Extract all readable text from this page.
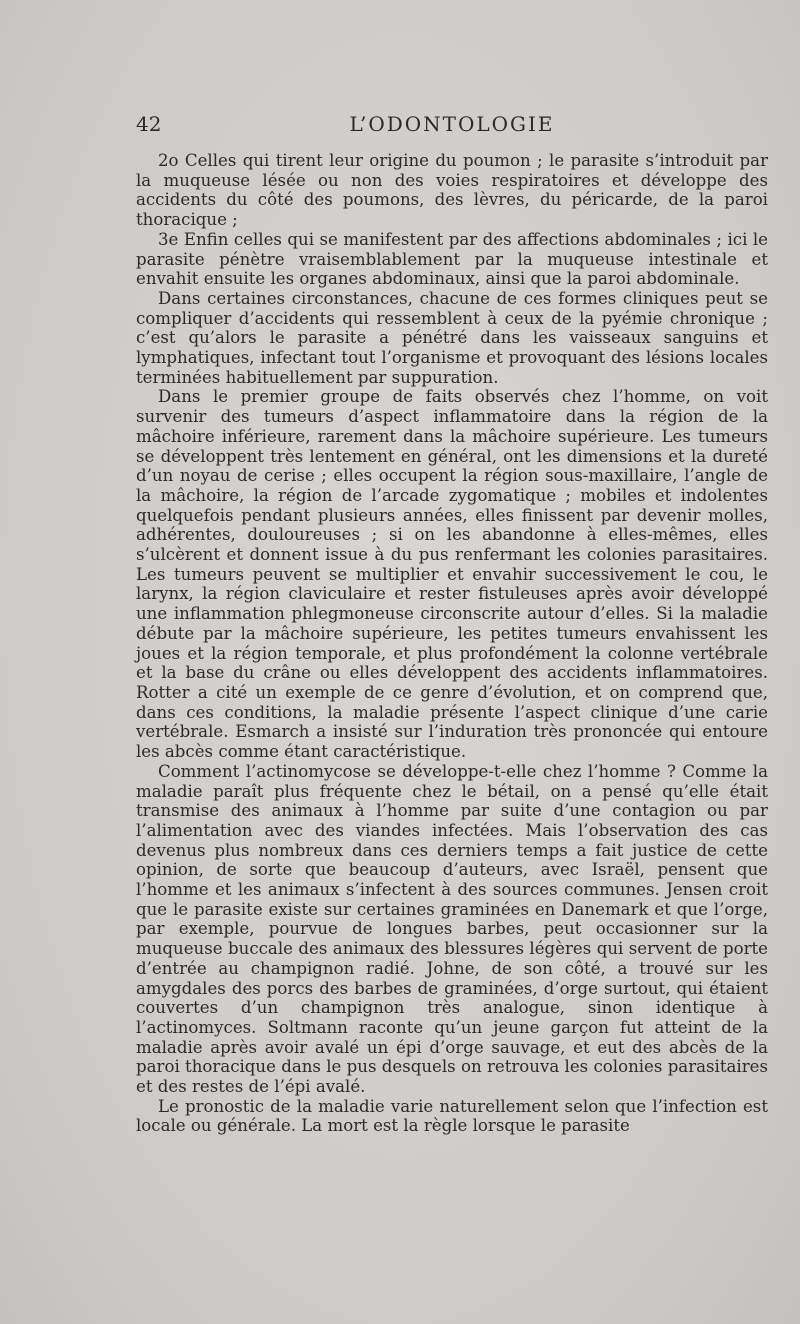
42	L’ODONTOLOGIE

2o Celles qui tirent leur origine du poumon ; le parasite s’introduit par la muqueuse lésée ou non des voies respiratoires et développe des accidents du côté des poumons, des lèvres, du péricarde, de la paroi thoracique ;

3e Enfin celles qui se manifestent par des affections abdominales ; ici le parasite pénètre vraisemblablement par la muqueuse intestinale et envahit ensuite les organes abdominaux, ainsi que la paroi abdominale.

Dans certaines circonstances, chacune de ces formes cliniques peut se compliquer d’accidents qui ressemblent à ceux de la pyémie chronique ; c’est qu’alors le parasite a pénétré dans les vaisseaux sanguins et lymphatiques, infectant tout l’organisme et provoquant des lésions locales terminées habituellement par suppuration.

Dans le premier groupe de faits observés chez l’homme, on voit survenir des tumeurs d’aspect inflammatoire dans la région de la mâchoire inférieure, rarement dans la mâchoire supérieure. Les tumeurs se développent très lentement en général, ont les dimensions et la dureté d’un noyau de cerise ; elles occupent la région sous-maxillaire, l’angle de la mâchoire, la région de l’arcade zygomatique ; mobiles et indolentes quelquefois pendant plusieurs années, elles finissent par devenir molles, adhérentes, douloureuses ; si on les abandonne à elles-mêmes, elles s’ulcèrent et donnent issue à du pus renfermant les colonies parasitaires. Les tumeurs peuvent se multiplier et envahir successivement le cou, le larynx, la région claviculaire et rester fistuleuses après avoir développé une inflammation phlegmoneuse circonscrite autour d’elles. Si la maladie débute par la mâchoire supérieure, les petites tumeurs envahissent les joues et la région temporale, et plus profondément la colonne vertébrale et la base du crâne ou elles développent des accidents inflammatoires. Rotter a cité un exemple de ce genre d’évolution, et on comprend que, dans ces conditions, la maladie présente l’aspect clinique d’une carie vertébrale. Esmarch a insisté sur l’induration très prononcée qui entoure les abcès comme étant caractéristique.

Comment l’actinomycose se développe-t-elle chez l’homme ? Comme la maladie paraît plus fréquente chez le bétail, on a pensé qu’elle était transmise des animaux à l’homme par suite d’une contagion ou par l’alimentation avec des viandes infectées. Mais l’observation des cas devenus plus nombreux dans ces derniers temps a fait justice de cette opinion, de sorte que beaucoup d’auteurs, avec Israël, pensent que l’homme et les animaux s’infectent à des sources communes. Jensen croit que le parasite existe sur certaines graminées en Danemark et que l’orge, par exemple, pourvue de longues barbes, peut occasionner sur la muqueuse buccale des animaux des blessures légères qui servent de porte d’entrée au champignon radié. Johne, de son côté, a trouvé sur les amygdales des porcs des barbes de graminées, d’orge surtout, qui étaient couvertes d’un champignon très analogue, sinon identique à l’actinomyces. Soltmann raconte qu’un jeune garçon fut atteint de la maladie après avoir avalé un épi d’orge sauvage, et eut des abcès de la paroi thoracique dans le pus desquels on retrouva les colonies parasitaires et des restes de l’épi avalé.

Le pronostic de la maladie varie naturellement selon que l’infection est locale ou générale. La mort est la règle lorsque le parasite
